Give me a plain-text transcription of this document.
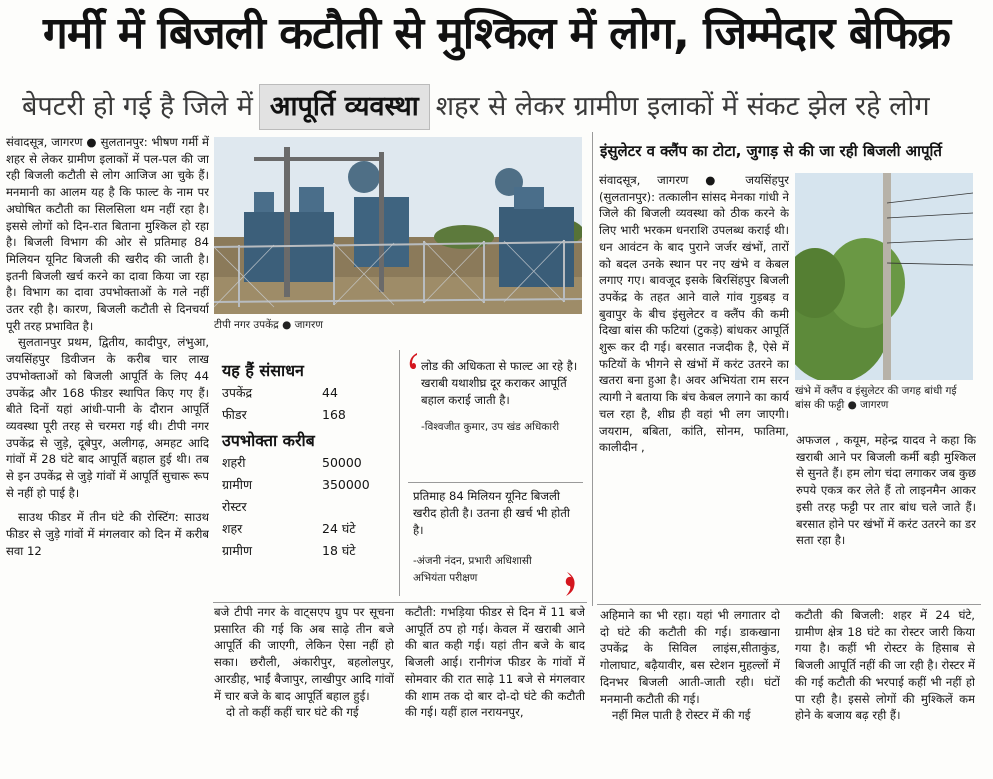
गर्मी में बिजली कटौती से मुश्किल में लोग, जिम्मेदार बेफिक्र
बेपटरी हो गई है जिले में आपूर्ति व्यवस्था शहर से लेकर ग्रामीण इलाकों में संकट झेल रहे लोग

संवादसूत्र, जागरण ● सुलतानपुर: भीषण गर्मी में शहर से लेकर ग्रामीण इलाकों में पल-पल की जा रही बिजली कटौती से लोग आजिज आ चुके हैं। मनमानी का आलम यह है कि फाल्ट के नाम पर अघोषित कटौती का सिलसिला थम नहीं रहा है। इससे लोगों को दिन-रात बिताना मुश्किल हो रहा है। बिजली विभाग की ओर से प्रतिमाह 84 मिलियन यूनिट बिजली की खरीद की जाती है। इतनी बिजली खर्च करने का दावा किया जा रहा है। विभाग का दावा उपभोक्ताओं के गले नहीं उतर रही है। कारण, बिजली कटौती से दिनचर्या पूरी तरह प्रभावित है।

सुलतानपुर प्रथम, द्वितीय, कादीपुर, लंभुआ, जयसिंहपुर डिवीजन के करीब चार लाख उपभोक्ताओं को बिजली आपूर्ति के लिए 44 उपकेंद्र और 168 फीडर स्थापित किए गए हैं। बीते दिनों यहां आंधी-पानी के दौरान आपूर्ति व्यवस्था पूरी तरह से चरमरा गई थी। टीपी नगर उपकेंद्र से जुड़े, दूबेपुर, अलीगढ़, अमहट आदि गांवों में 28 घंटे बाद आपूर्ति बहाल हुई थी। तब से इन उपकेंद्र से जुड़े गांवों में आपूर्ति सुचारू रूप से नहीं हो पाई है।

साउथ फीडर में तीन घंटे की रोस्टिंग: साउथ फीडर से जुड़े गांवों में मंगलवार को दिन में करीब सवा 12

टीपी नगर उपकेंद्र ● जागरण
यह हैं संसाधन
उपकेंद्र	44
फीडर	168
उपभोक्ता करीब
शहरी	50000
ग्रामीण	350000
रोस्टर
शहर	24 घंटे
ग्रामीण	18 घंटे
लोड की अधिकता से फाल्ट आ रहे है। खराबी यथाशीघ्र दूर कराकर आपूर्ति बहाल कराई जाती है।
-विश्वजीत कुमार, उप खंड अधिकारी
प्रतिमाह 84 मिलियन यूनिट बिजली खरीद होती है। उतना ही खर्च भी होती है।
-अंजनी नंदन, प्रभारी अधिशासी अभियंता परीक्षण

बजे टीपी नगर के वाट्सएप ग्रुप पर सूचना प्रसारित की गई कि अब साढ़े तीन बजे आपूर्ति की जाएगी, लेकिन ऐसा नहीं हो सका। छरौली, अंकारीपुर, बहलोलपुर, आरडीह, भाईं बैजापुर, लाखीपुर आदि गांवों में चार बजे के बाद आपूर्ति बहाल हुई।

दो तो कहीं कहीं चार घंटे की गई

कटौती: गभड़िया फीडर से दिन में 11 बजे आपूर्ति ठप हो गई। केवल में खराबी आने की बात कही गई। यहां तीन बजे के बाद बिजली आई। रानीगंज फीडर के गांवों में सोमवार की रात साढ़े 11 बजे से मंगलवार की शाम तक दो बार दो-दो घंटे की कटौती की गई। यहीं हाल नरायनपुर,

इंसुलेटर व क्लैंप का टोटा, जुगाड़ से की जा रही बिजली आपूर्ति

संवादसूत्र, जागरण ● जयसिंहपुर (सुलतानपुर): तत्कालीन सांसद मेनका गांधी ने जिले की बिजली व्यवस्था को ठीक करने के लिए भारी भरकम धनराशि उपलब्ध कराई थी। धन आवंटन के बाद पुराने जर्जर खंभों, तारों को बदल उनके स्थान पर नए खंभे व केबल लगाए गए। बावजूद इसके बिरसिंहपुर बिजली उपकेंद्र के तहत आने वाले गांव गुड़बड़ व बुवापुर के बीच इंसुलेटर व क्लैंप की कमी दिखा बांस की फटियां (टुकड़े) बांधकर आपूर्ति शुरू कर दी गई। बरसात नजदीक है, ऐसे में फटियों के भीगने से खंभों में करंट उतरने का खतरा बना हुआ है। अवर अभियंता राम सरन त्यागी ने बताया कि बंच केबल लगाने का कार्य चल रहा है, शीघ्र ही वहां भी लग जाएगी। जयराम, बबिता, कांति, सोनम, फातिमा, कालीदीन ,

खंभे में क्लैंप व इंसुलेटर की जगह बांधी गई बांस की फट्टी ● जागरण

अफजल , कयूम, महेन्द्र यादव ने कहा कि खराबी आने पर बिजली कर्मी बड़ी मुश्किल से सुनते हैं। हम लोग चंदा लगाकर जब कुछ रुपये एकत्र कर लेते हैं तो लाइनमैन आकर इसी तरह फट्टी पर तार बांध चले जाते हैं। बरसात होने पर खंभों में करंट उतरने का डर सता रहा है।

अहिमाने का भी रहा। यहां भी लगातार दो दो घंटे की कटौती की गई। डाकखाना उपकेंद्र के सिविल लाइंस,सीताकुंड, गोलाघाट, बढ़ैयावीर, बस स्टेशन मुहल्लों में दिनभर बिजली आती-जाती रही। घंटों मनमानी कटौती की गई।

नहीं मिल पाती है रोस्टर में की गई

कटौती की बिजली: शहर में 24 घंटे, ग्रामीण क्षेत्र 18 घंटे का रोस्टर जारी किया गया है। कहीं भी रोस्टर के हिसाब से बिजली आपूर्ति नहीं की जा रही है। रोस्टर में की गई कटौती की भरपाई कहीं भी नहीं हो पा रही है। इससे लोगों की मुश्किलें कम होने के बजाय बढ़ रही हैं।
